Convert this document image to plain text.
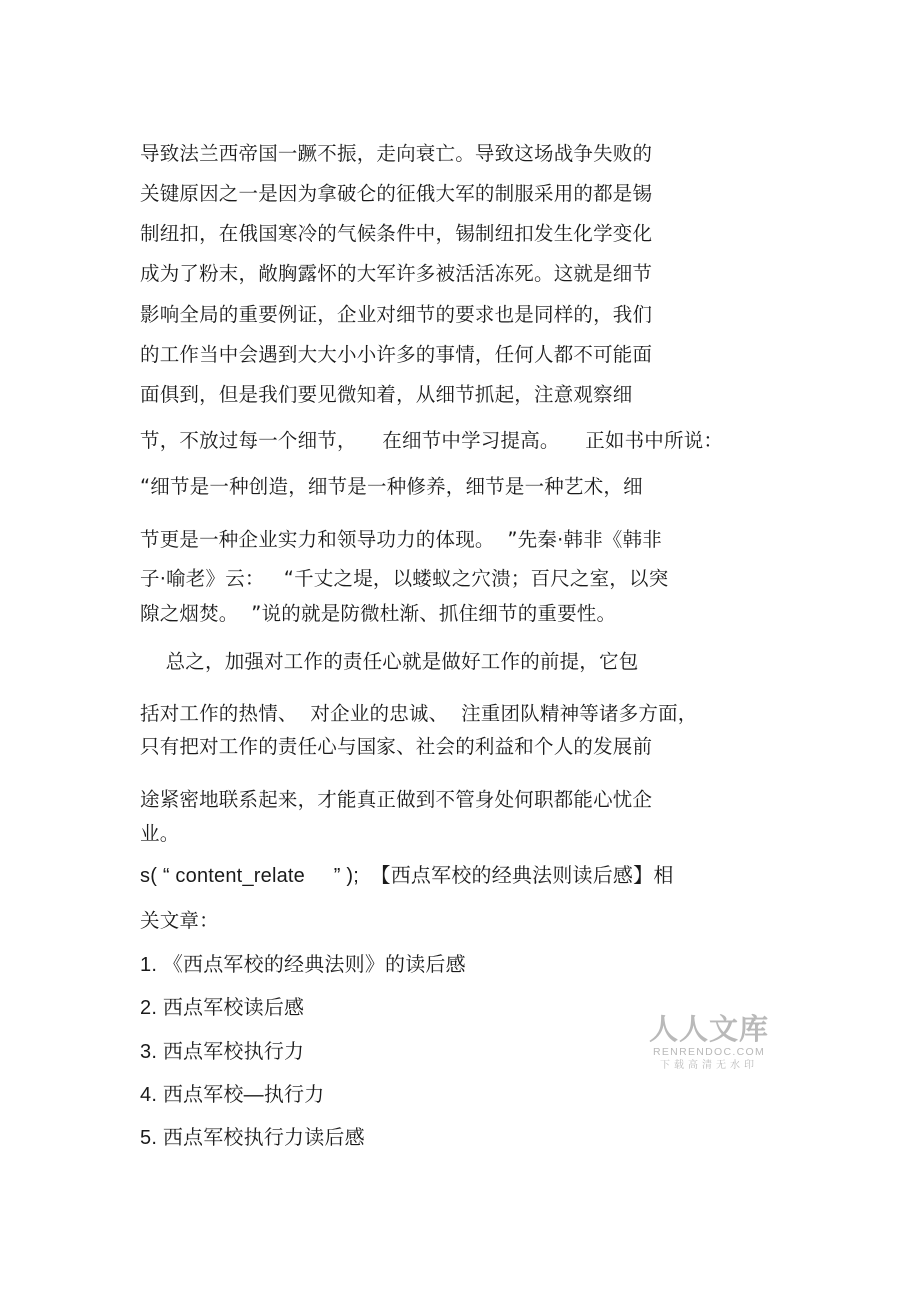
导致法兰西帝国一蹶不振，走向衰亡。导致这场战争失败的
关键原因之一是因为拿破仑的征俄大军的制服采用的都是锡
制纽扣，在俄国寒冷的气候条件中，锡制纽扣发生化学变化
成为了粉末，敞胸露怀的大军许多被活活冻死。这就是细节
影响全局的重要例证，企业对细节的要求也是同样的，我们
的工作当中会遇到大大小小许多的事情，任何人都不可能面
面俱到，但是我们要见微知着，从细节抓起，注意观察细
节，不放过每一个细节，    在细节中学习提高。    正如书中所说：
“细节是一种创造，细节是一种修养，细节是一种艺术，细
节更是一种企业实力和领导功力的体现。  ”先秦·韩非《韩非
子·喻老》云：   “千丈之堤，以蝼蚁之穴溃；百尺之室，以突
隙之烟焚。  ”说的就是防微杜渐、抓住细节的重要性。
总之，加强对工作的责任心就是做好工作的前提，它包
括对工作的热情、  对企业的忠诚、  注重团队精神等诸多方面，
只有把对工作的责任心与国家、社会的利益和个人的发展前
途紧密地联系起来，才能真正做到不管身处何职都能心忧企
业。
s( “ content_relate     ” );  【西点军校的经典法则读后感】相
关文章：
1. 《西点军校的经典法则》的读后感
2. 西点军校读后感
3. 西点军校执行力
4. 西点军校—执行力
5. 西点军校执行力读后感
人人文库
RENRENDOC.COM
下载高清无水印
